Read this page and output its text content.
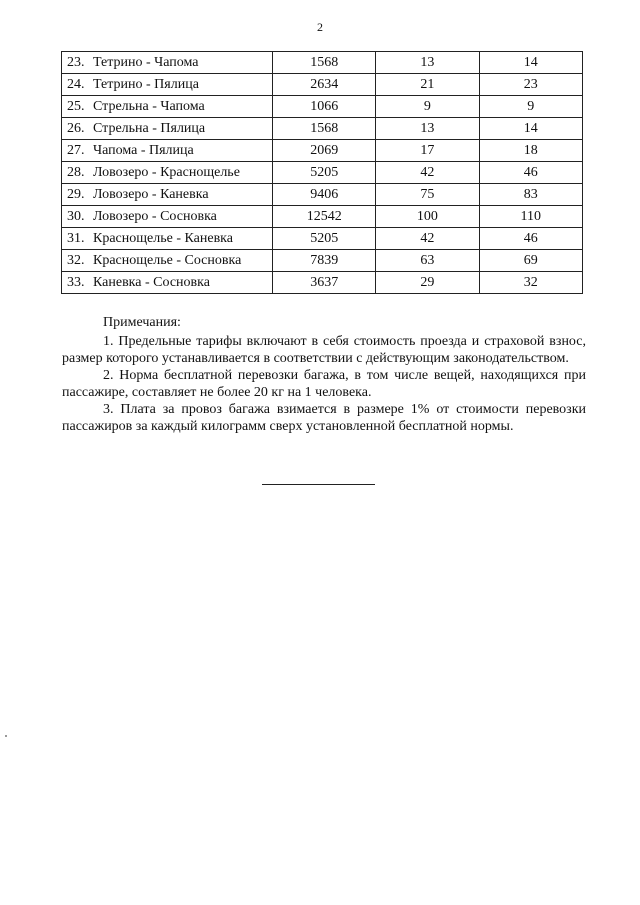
2
23. Тетрино - Чапома	1568	13	14
24. Тетрино - Пялица	2634	21	23
25. Стрельна - Чапома	1066	9	9
26. Стрельна - Пялица	1568	13	14
27. Чапома - Пялица	2069	17	18
28. Ловозеро - Краснощелье	5205	42	46
29. Ловозеро - Каневка	9406	75	83
30. Ловозеро - Сосновка	12542	100	110
31. Краснощелье - Каневка	5205	42	46
32. Краснощелье - Сосновка	7839	63	69
33. Каневка - Сосновка	3637	29	32
Примечания:

1. Предельные тарифы включают в себя стоимость проезда и страховой взнос, размер которого устанавливается в соответствии с действующим законодательством.

2. Норма бесплатной перевозки багажа, в том числе вещей, находящихся при пассажире, составляет не более 20 кг на 1 человека.

3. Плата за провоз багажа взимается в размере 1% от стоимости перевозки пассажиров за каждый килограмм сверх установленной бесплатной нормы.
